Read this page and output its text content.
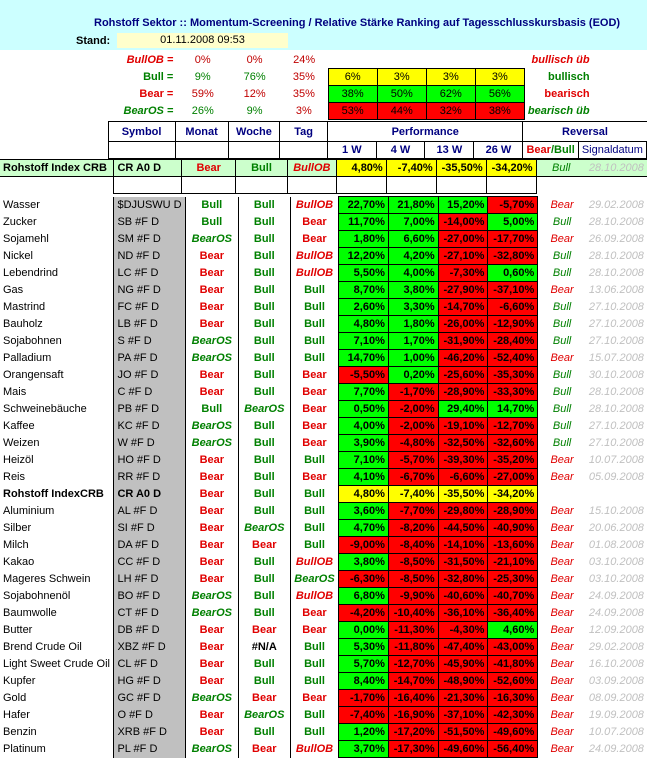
Rohstoff Sektor :: Momentum-Screening / Relative Stärke Ranking auf Tagesschlusskursbasis (EOD)
Stand:	01.11.2008 09:53
BullOB =	0%	0%	24%					bullisch üb
Bull =	9%	76%	35%	6%	3%	3%	3%	bullisch
Bear =	59%	12%	35%	38%	50%	62%	56%	bearisch
BearOS =	26%	9%	3%	53%	44%	32%	38%	bearisch üb
	Symbol	Monat	Woche	Tag	Performance				Reversal	
					1 W	4 W	13 W	26 W	Bear/Bull	Signaldatum
Rohstoff Index CRB	CR A0 D	Bear	Bull	BullOB	4,80%	-7,40%	-35,50%	-34,20%	Bull	28.10.2008

Wasser	$DJUSWU D	Bull	Bull	BullOB	22,70%	21,80%	15,20%	-5,70%	Bear	29.02.2008
Zucker	SB #F D	Bull	Bull	Bear	11,70%	7,00%	-14,00%	5,00%	Bull	28.10.2008
Sojamehl	SM #F D	BearOS	Bull	Bear	1,80%	6,60%	-27,00%	-17,70%	Bear	26.09.2008
Nickel	ND #F D	Bear	Bull	BullOB	12,20%	4,20%	-27,10%	-32,80%	Bull	28.10.2008
Lebendrind	LC #F D	Bear	Bull	BullOB	5,50%	4,00%	-7,30%	0,60%	Bull	28.10.2008
Gas	NG #F D	Bear	Bull	Bull	8,70%	3,80%	-27,90%	-37,10%	Bear	13.06.2008
Mastrind	FC #F D	Bear	Bull	Bull	2,60%	3,30%	-14,70%	-6,60%	Bull	27.10.2008
Bauholz	LB #F D	Bear	Bull	Bull	4,80%	1,80%	-26,00%	-12,90%	Bull	27.10.2008
Sojabohnen	S #F D	BearOS	Bull	Bull	7,10%	1,70%	-31,90%	-28,40%	Bull	27.10.2008
Palladium	PA #F D	BearOS	Bull	Bull	14,70%	1,00%	-46,20%	-52,40%	Bear	15.07.2008
Orangensaft	JO #F D	Bear	Bull	Bear	-5,50%	0,20%	-25,60%	-35,30%	Bull	30.10.2008
Mais	C #F D	Bear	Bull	Bear	7,70%	-1,70%	-28,90%	-33,30%	Bull	28.10.2008
Schweinebäuche	PB #F D	Bull	BearOS	Bear	0,50%	-2,00%	29,40%	14,70%	Bull	28.10.2008
Kaffee	KC #F D	BearOS	Bull	Bear	4,00%	-2,00%	-19,10%	-12,70%	Bull	27.10.2008
Weizen	W #F D	BearOS	Bull	Bear	3,90%	-4,80%	-32,50%	-32,60%	Bull	27.10.2008
Heizöl	HO #F D	Bear	Bull	Bull	7,10%	-5,70%	-39,30%	-35,20%	Bear	10.07.2008
Reis	RR #F D	Bear	Bull	Bear	4,10%	-6,70%	-6,60%	-27,00%	Bear	05.09.2008
Rohstoff IndexCRB	CR A0 D	Bear	Bull	Bull	4,80%	-7,40%	-35,50%	-34,20%		
Aluminium	AL #F D	Bear	Bull	Bull	3,60%	-7,70%	-29,80%	-28,90%	Bear	15.10.2008
Silber	SI #F D	Bear	BearOS	Bull	4,70%	-8,20%	-44,50%	-40,90%	Bear	20.06.2008
Milch	DA #F D	Bear	Bear	Bull	-9,00%	-8,40%	-14,10%	-13,60%	Bear	01.08.2008
Kakao	CC #F D	Bear	Bull	BullOB	3,80%	-8,50%	-31,50%	-21,10%	Bear	03.10.2008
Mageres Schwein	LH #F D	Bear	Bull	BearOS	-6,30%	-8,50%	-32,80%	-25,30%	Bear	03.10.2008
Sojabohnenöl	BO #F D	BearOS	Bull	BullOB	6,80%	-9,90%	-40,60%	-40,70%	Bear	24.09.2008
Baumwolle	CT #F D	BearOS	Bull	Bear	-4,20%	-10,40%	-36,10%	-36,40%	Bear	24.09.2008
Butter	DB #F D	Bear	Bear	Bear	0,00%	-11,30%	-4,30%	4,60%	Bear	12.09.2008
Brend Crude Oil	XBZ #F D	Bear	#N/A	Bull	5,30%	-11,80%	-47,40%	-43,00%	Bear	29.02.2008
Light Sweet Crude Oil	CL #F D	Bear	Bull	Bull	5,70%	-12,70%	-45,90%	-41,80%	Bear	16.10.2008
Kupfer	HG #F D	Bear	Bull	Bull	8,40%	-14,70%	-48,90%	-52,60%	Bear	03.09.2008
Gold	GC #F D	BearOS	Bear	Bear	-1,70%	-16,40%	-21,30%	-16,30%	Bear	08.09.2008
Hafer	O #F D	Bear	BearOS	Bull	-7,40%	-16,90%	-37,10%	-42,30%	Bear	19.09.2008
Benzin	XRB #F D	Bear	Bull	Bull	1,20%	-17,20%	-51,50%	-49,60%	Bear	10.07.2008
Platinum	PL #F D	BearOS	Bear	BullOB	3,70%	-17,30%	-49,60%	-56,40%	Bear	24.09.2008
